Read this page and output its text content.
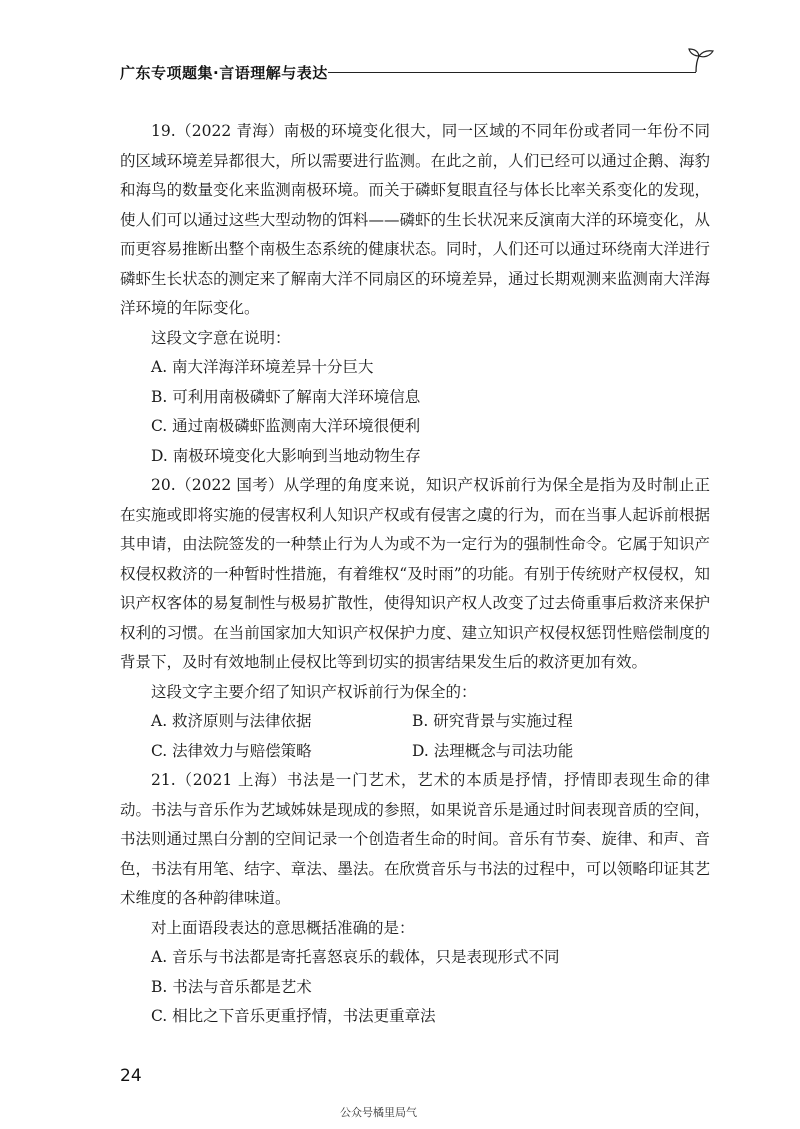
广东专项题集·言语理解与表达

19.（2022 青海）南极的环境变化很大，同一区域的不同年份或者同一年份不同的区域环境差异都很大，所以需要进行监测。在此之前，人们已经可以通过企鹅、海豹和海鸟的数量变化来监测南极环境。而关于磷虾复眼直径与体长比率关系变化的发现，使人们可以通过这些大型动物的饵料——磷虾的生长状况来反演南大洋的环境变化，从而更容易推断出整个南极生态系统的健康状态。同时，人们还可以通过环绕南大洋进行磷虾生长状态的测定来了解南大洋不同扇区的环境差异，通过长期观测来监测南大洋海洋环境的年际变化。

这段文字意在说明：

A. 南大洋海洋环境差异十分巨大

B. 可利用南极磷虾了解南大洋环境信息

C. 通过南极磷虾监测南大洋环境很便利

D. 南极环境变化大影响到当地动物生存

20.（2022 国考）从学理的角度来说，知识产权诉前行为保全是指为及时制止正在实施或即将实施的侵害权利人知识产权或有侵害之虞的行为，而在当事人起诉前根据其申请，由法院签发的一种禁止行为人为或不为一定行为的强制性命令。它属于知识产权侵权救济的一种暂时性措施，有着维权“及时雨”的功能。有别于传统财产权侵权，知识产权客体的易复制性与极易扩散性，使得知识产权人改变了过去倚重事后救济来保护权利的习惯。在当前国家加大知识产权保护力度、建立知识产权侵权惩罚性赔偿制度的背景下，及时有效地制止侵权比等到切实的损害结果发生后的救济更加有效。

这段文字主要介绍了知识产权诉前行为保全的：

A. 救济原则与法律依据	B. 研究背景与实施过程
C. 法律效力与赔偿策略	D. 法理概念与司法功能

21.（2021 上海）书法是一门艺术，艺术的本质是抒情，抒情即表现生命的律动。书法与音乐作为艺域姊妹是现成的参照，如果说音乐是通过时间表现音质的空间，书法则通过黑白分割的空间记录一个创造者生命的时间。音乐有节奏、旋律、和声、音色，书法有用笔、结字、章法、墨法。在欣赏音乐与书法的过程中，可以领略印证其艺术维度的各种韵律味道。

对上面语段表达的意思概括准确的是：

A. 音乐与书法都是寄托喜怒哀乐的载体，只是表现形式不同

B. 书法与音乐都是艺术

C. 相比之下音乐更重抒情，书法更重章法

24
公众号橘里局气
